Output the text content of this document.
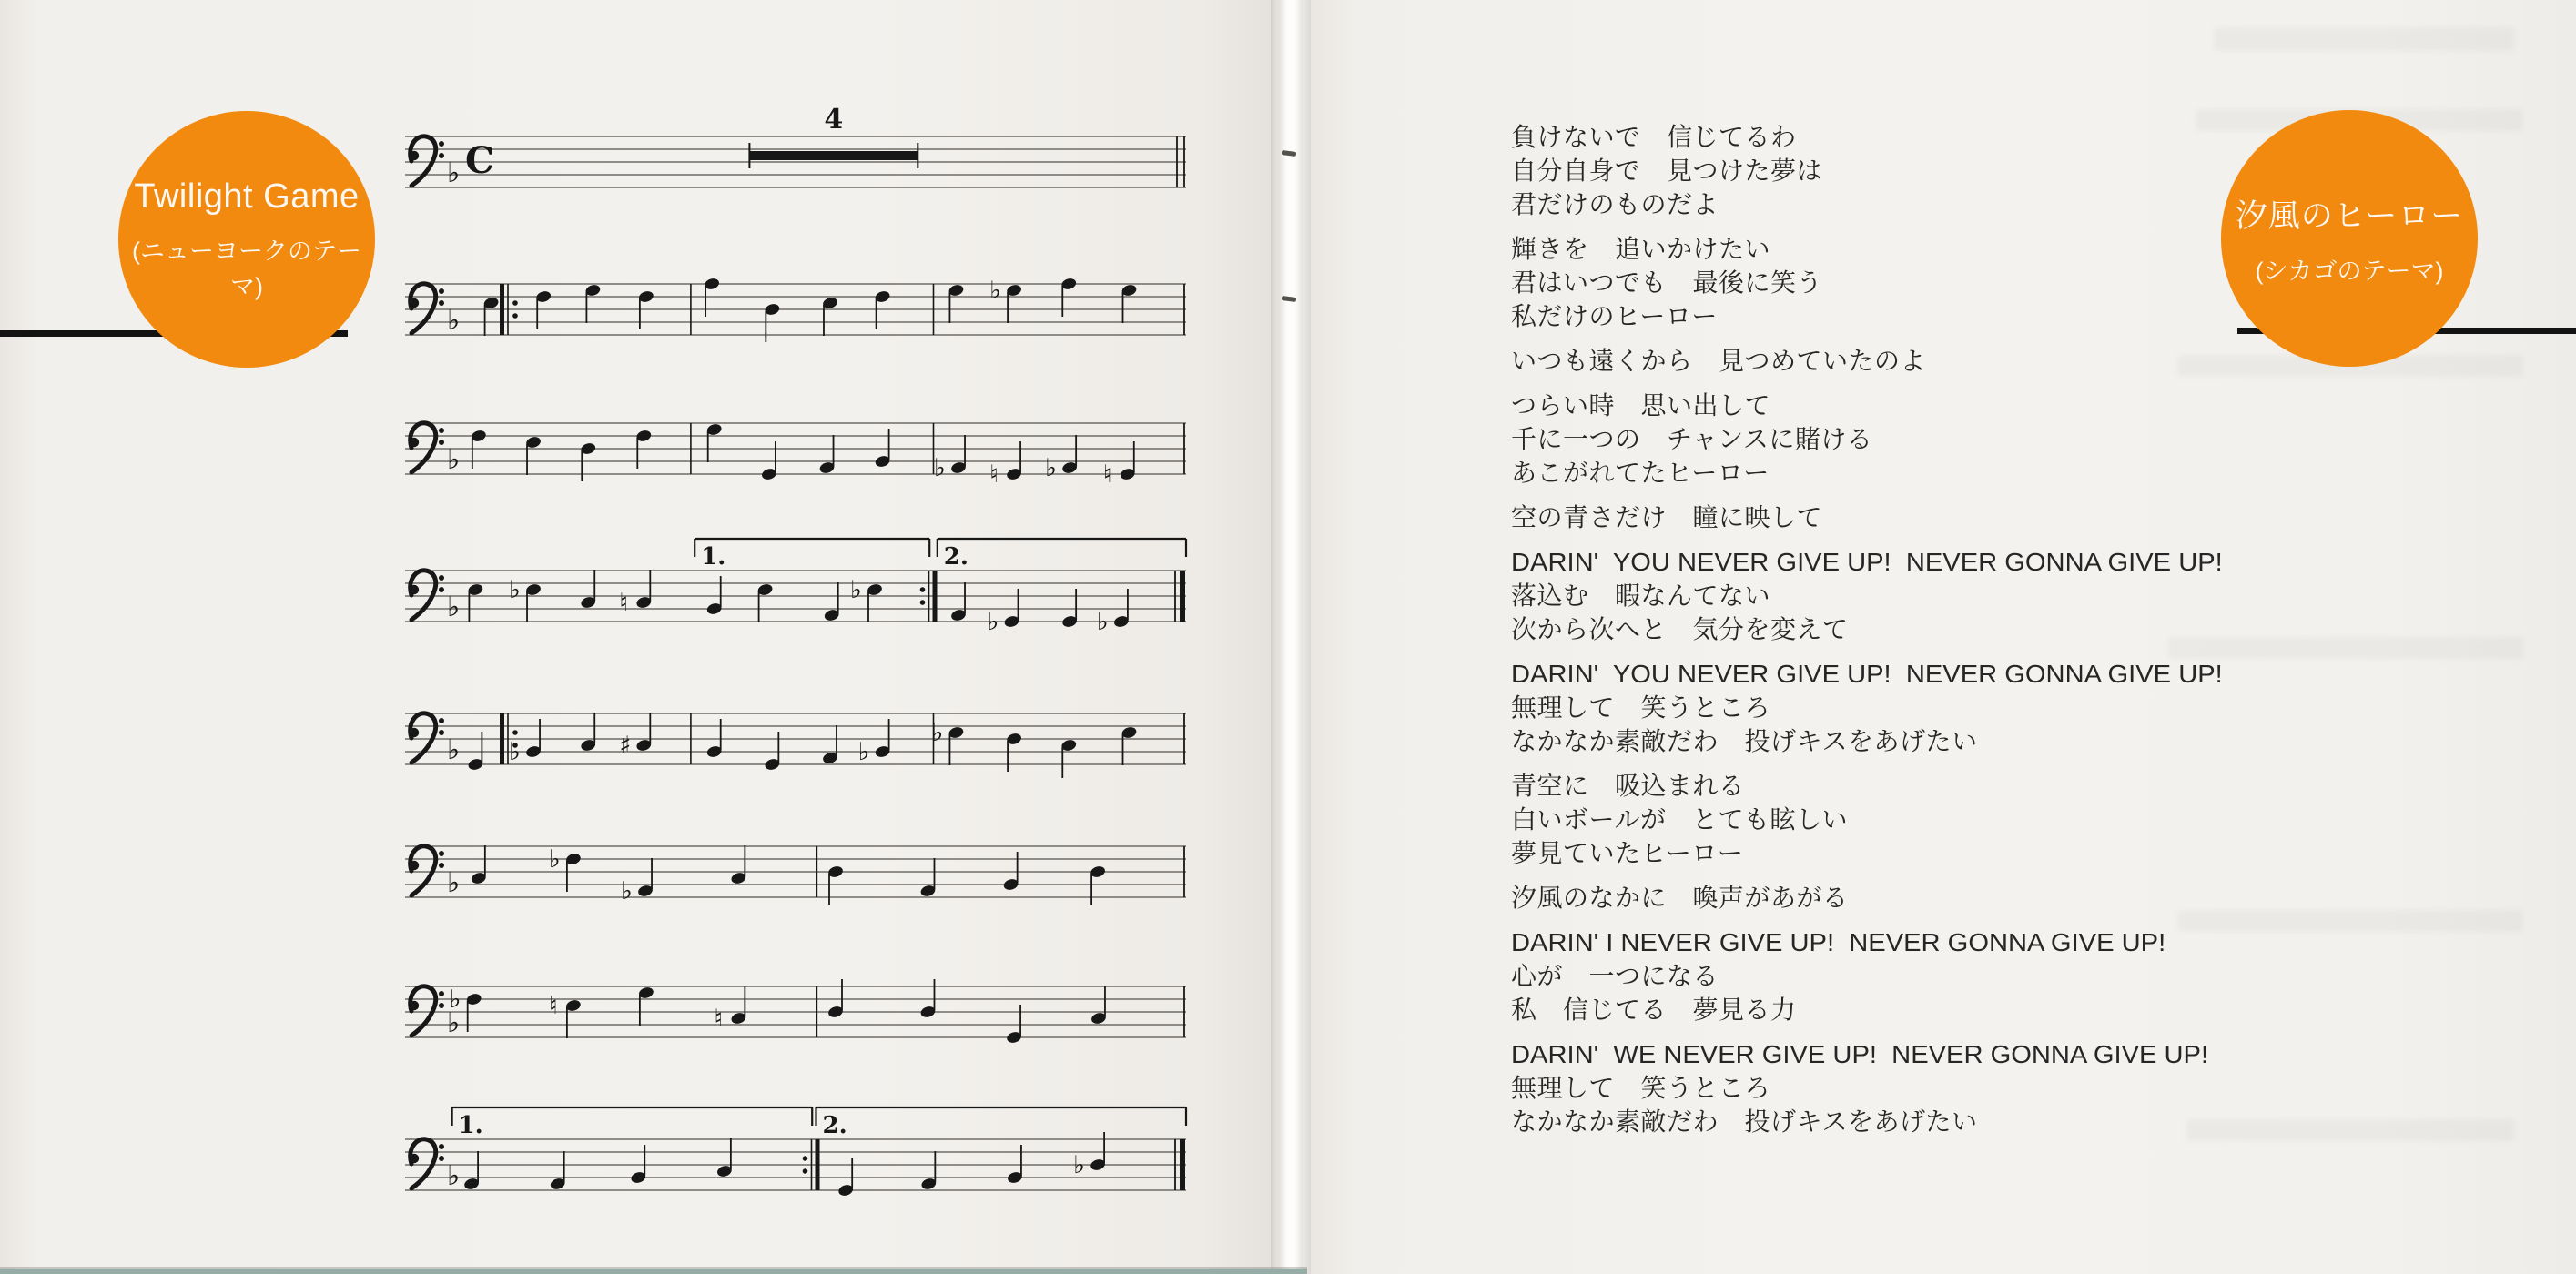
♭ C
4
♭
♭
♭	♭ ♮ ♭ ♮
♭
1.	2.
♭	♮	♭
♭	♭
♭ ♭	♯	♭
♭
♭
♭
♭
♭
♭	♮	♮
♭
1.	2.
♭
Twilight Game
(ニューヨークのテーマ)
汐風のヒーロー
(シカゴのテーマ)
負けないで　信じてるわ
自分自身で　見つけた夢は
君だけのものだよ
輝きを　追いかけたい
君はいつでも　最後に笑う
私だけのヒーロー
いつも遠くから　見つめていたのよ
つらい時　思い出して
千に一つの　チャンスに賭ける
あこがれてたヒーロー
空の青さだけ　瞳に映して
DARIN'  YOU NEVER GIVE UP!  NEVER GONNA GIVE UP!
落込む　暇なんてない
次から次へと　気分を変えて
DARIN'  YOU NEVER GIVE UP!  NEVER GONNA GIVE UP!
無理して　笑うところ
なかなか素敵だわ　投げキスをあげたい
青空に　吸込まれる
白いボールが　とても眩しい
夢見ていたヒーロー
汐風のなかに　喚声があがる
DARIN' I NEVER GIVE UP!  NEVER GONNA GIVE UP!
心が　一つになる
私　信じてる　夢見る力
DARIN'  WE NEVER GIVE UP!  NEVER GONNA GIVE UP!
無理して　笑うところ
なかなか素敵だわ　投げキスをあげたい
